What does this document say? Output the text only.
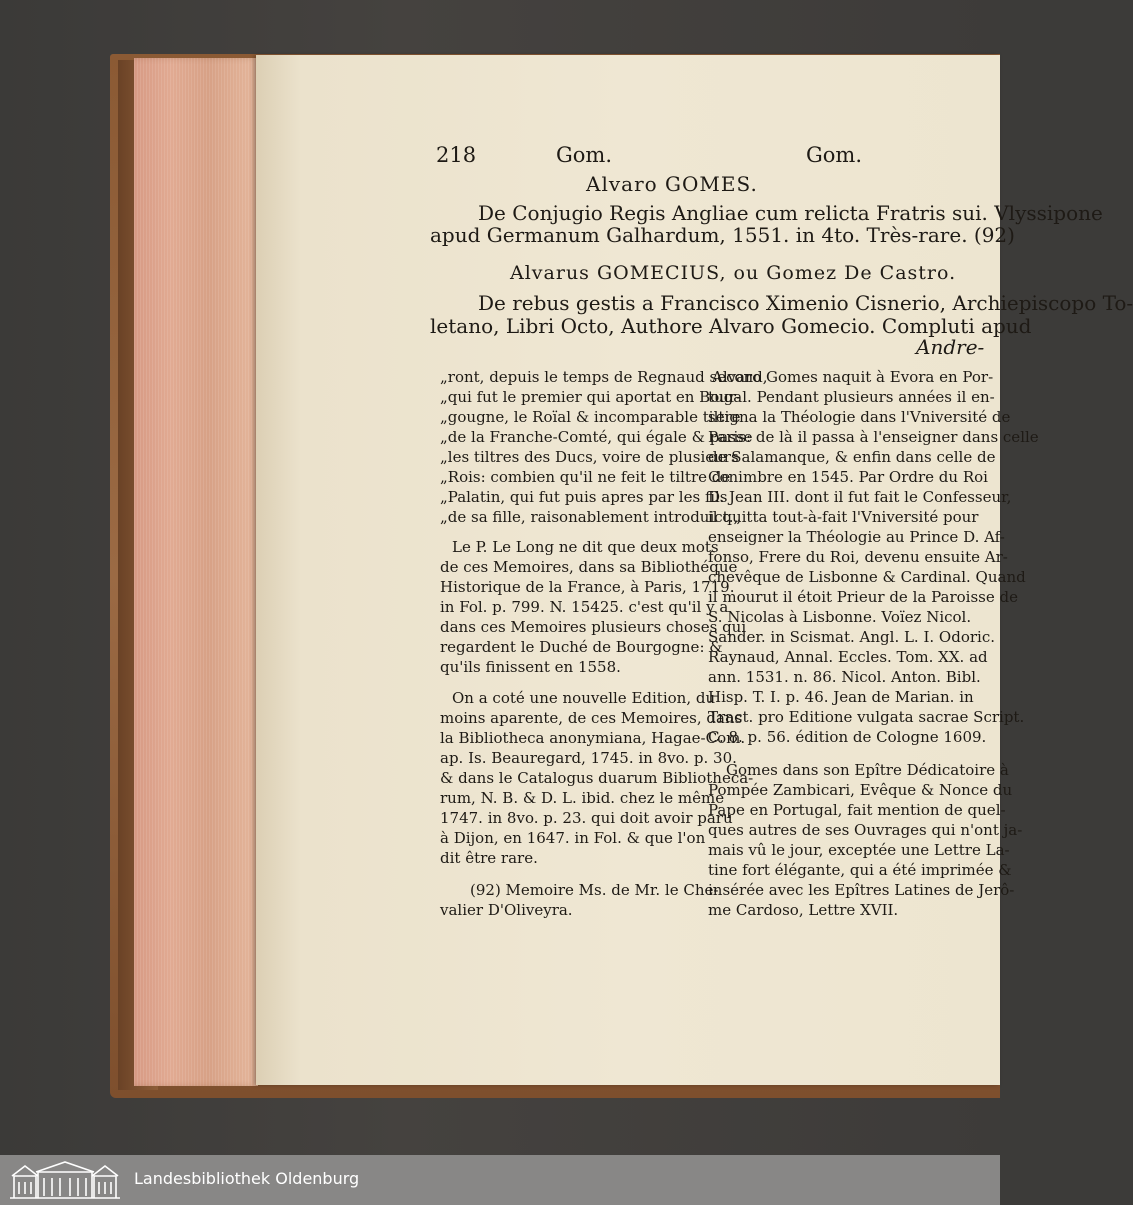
218	Gom.	Gom.
Alvaro GOMES.
De Conjugio Regis Angliae cum relicta Fratris sui. Vlyssipone
apud Germanum Galhardum, 1551. in 4to. Très-rare. (92)
Alvarus GOMECIUS, ou Gomez De Castro.
De rebus gestis a Francisco Ximenio Cisnerio, Archiepiscopo To-
letano, Libri Octo, Authore Alvaro Gomecio. Compluti apud
Andre-
„ront, depuis le temps de Regnaud second,
„qui fut le premier qui aportat en Bour-
„gougne, le Roïal & incomparable tiltre
„de la Franche-Comté, qui égale & passe
„les tiltres des Ducs, voire de plusieurs
„Rois: combien qu'il ne feit le tiltre de
„Palatin, qui fut puis apres par les fils
„de sa fille, raisonablement introduict.„
Le P. Le Long ne dit que deux mots
de ces Memoires, dans sa Bibliothéque
Historique de la France, à Paris, 1719.
in Fol. p. 799. N. 15425. c'est qu'il y a
dans ces Memoires plusieurs choses qui
regardent le Duché de Bourgogne: &
qu'ils finissent en 1558.
On a coté une nouvelle Edition, du
moins aparente, de ces Memoires, dans
la Bibliotheca anonymiana, Hagae-Com.
ap. Is. Beauregard, 1745. in 8vo. p. 30.
& dans le Catalogus duarum Bibliotheca-
rum, N. B. & D. L. ibid. chez le même
1747. in 8vo. p. 23. qui doit avoir paru
à Dijon, en 1647. in Fol. & que l'on
dit être rare.
(92) Memoire Ms. de Mr. le Che-
valier D'Oliveyra.
Alvaro Gomes naquit à Evora en Por-
tugal. Pendant plusieurs années il en-
seigna la Théologie dans l'Vniversité de
Paris: de là il passa à l'enseigner dans celle
de Salamanque, & enfin dans celle de
Conimbre en 1545. Par Ordre du Roi
D. Jean III. dont il fut fait le Confesseur,
il quitta tout-à-fait l'Vniversité pour
enseigner la Théologie au Prince D. Af-
fonso, Frere du Roi, devenu ensuite Ar-
chevêque de Lisbonne & Cardinal. Quand
il mourut il étoit Prieur de la Paroisse de
S. Nicolas à Lisbonne. Voïez Nicol.
Sander. in Scismat. Angl. L. I. Odoric.
Raynaud, Annal. Eccles. Tom. XX. ad
ann. 1531. n. 86. Nicol. Anton. Bibl.
Hisp. T. I. p. 46. Jean de Marian. in
Tract. pro Editione vulgata sacrae Script.
C. 8. p. 56. édition de Cologne 1609.
Gomes dans son Epître Dédicatoire à
Pompée Zambicari, Evêque & Nonce du
Pape en Portugal, fait mention de quel-
ques autres de ses Ouvrages qui n'ont ja-
mais vû le jour, exceptée une Lettre La-
tine fort élégante, qui a été imprimée &
insérée avec les Epîtres Latines de Jerô-
me Cardoso, Lettre XVII.
Landesbibliothek Oldenburg
